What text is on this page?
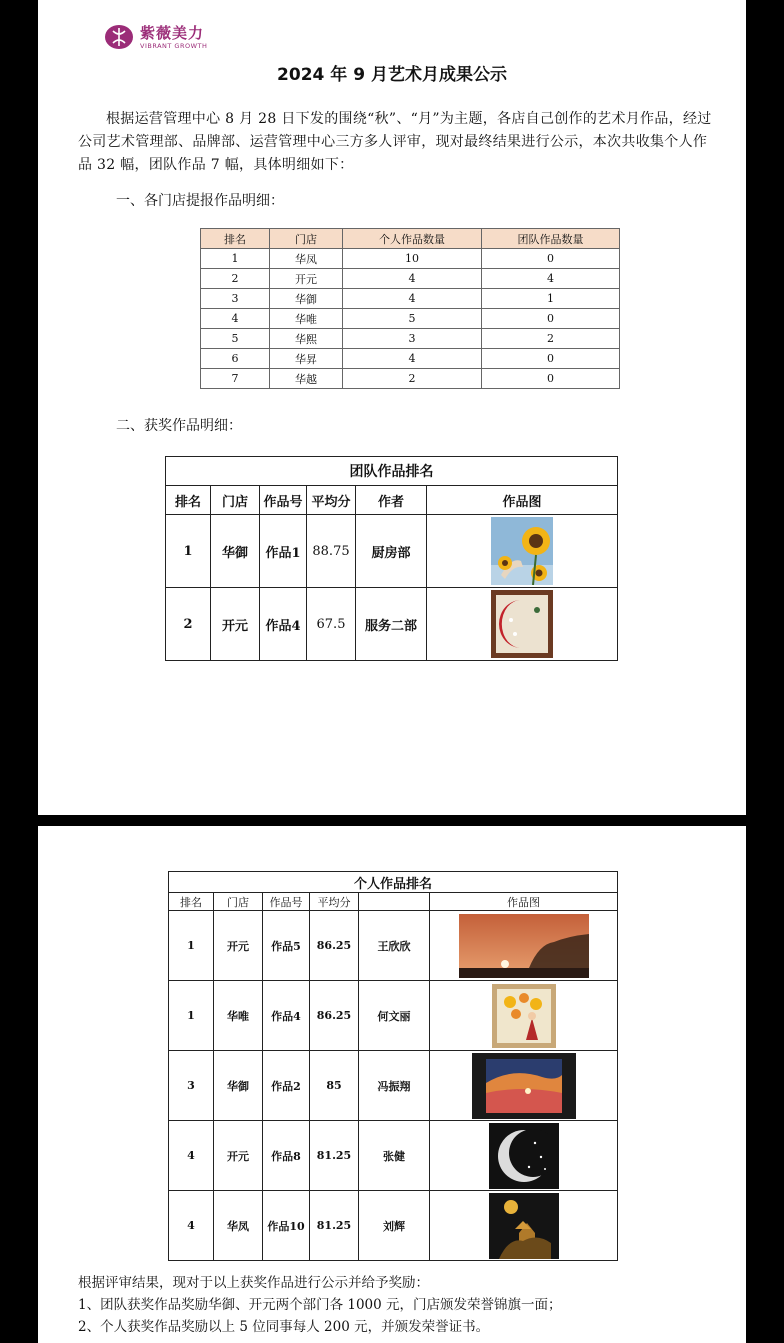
紫薇美力
VIBRANT GROWTH
2024 年 9 月艺术月成果公示
根据运营管理中心 8 月 28 日下发的围绕“秋”、“月”为主题，各店自己创作的艺术月作品，经过公司艺术管理部、品牌部、运营管理中心三方多人评审，现对最终结果进行公示，本次共收集个人作品 32 幅，团队作品 7 幅，具体明细如下：
一、各门店提报作品明细：
排名	门店	个人作品数量	团队作品数量
1	华凤	10	0
2	开元	4	4
3	华御	4	1
4	华唯	5	0
5	华熙	3	2
6	华昇	4	0
7	华越	2	0
二、获奖作品明细：
团队作品排名					
排名	门店	作品号	平均分	作者	作品图
1	华御	作品1	88.75	厨房部	

2	开元	作品4	67.5	服务二部	
个人作品排名					
排名	门店	作品号	平均分		作品图
1	开元	作品5	86.25	王欣欣	

1	华唯	作品4	86.25	何文丽	

3	华御	作品2	85	冯振翔	

4	开元	作品8	81.25	张健	

4	华凤	作品10	81.25	刘辉	
根据评审结果，现对于以上获奖作品进行公示并给予奖励：
1、团队获奖作品奖励华御、开元两个部门各 1000 元，门店颁发荣誉锦旗一面；
2、个人获奖作品奖励以上 5 位同事每人 200 元，并颁发荣誉证书。
